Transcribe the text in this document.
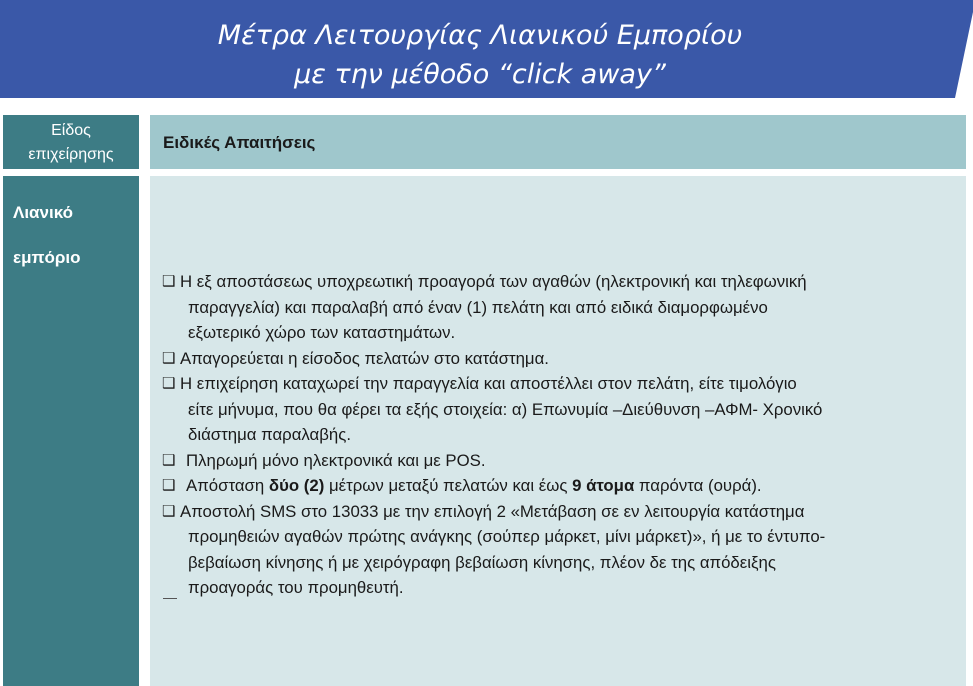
Μέτρα Λειτουργίας Λιανικού Εμπορίου
με την μέθοδο “click away”
Είδος
επιχείρησης
Ειδικές Απαιτήσεις
Λιανικό
εμπόριο
❑ Η εξ αποστάσεως υποχρεωτική προαγορά των αγαθών (ηλεκτρονική και τηλεφωνική
παραγγελία) και παραλαβή από έναν (1) πελάτη και από ειδικά διαμορφωμένο
εξωτερικό χώρο των καταστημάτων.
❑ Απαγορεύεται η είσοδος πελατών στο κατάστημα.
❑ Η επιχείρηση καταχωρεί την παραγγελία και αποστέλλει στον πελάτη, είτε τιμολόγιο
είτε μήνυμα, που θα φέρει τα εξής στοιχεία: α) Επωνυμία –Διεύθυνση –ΑΦΜ- Χρονικό
διάστημα παραλαβής.
❑ Πληρωμή μόνο ηλεκτρονικά και με POS.
❑ Απόσταση δύο (2) μέτρων μεταξύ πελατών και έως 9 άτομα παρόντα (ουρά).
❑ Αποστολή SMS στο 13033 με την επιλογή 2 «Μετάβαση σε εν λειτουργία κατάστημα
προμηθειών αγαθών πρώτης ανάγκης (σούπερ μάρκετ, μίνι μάρκετ)», ή με το έντυπο-
βεβαίωση κίνησης ή με χειρόγραφη βεβαίωση κίνησης, πλέον δε της απόδειξης
προαγοράς του προμηθευτή.
